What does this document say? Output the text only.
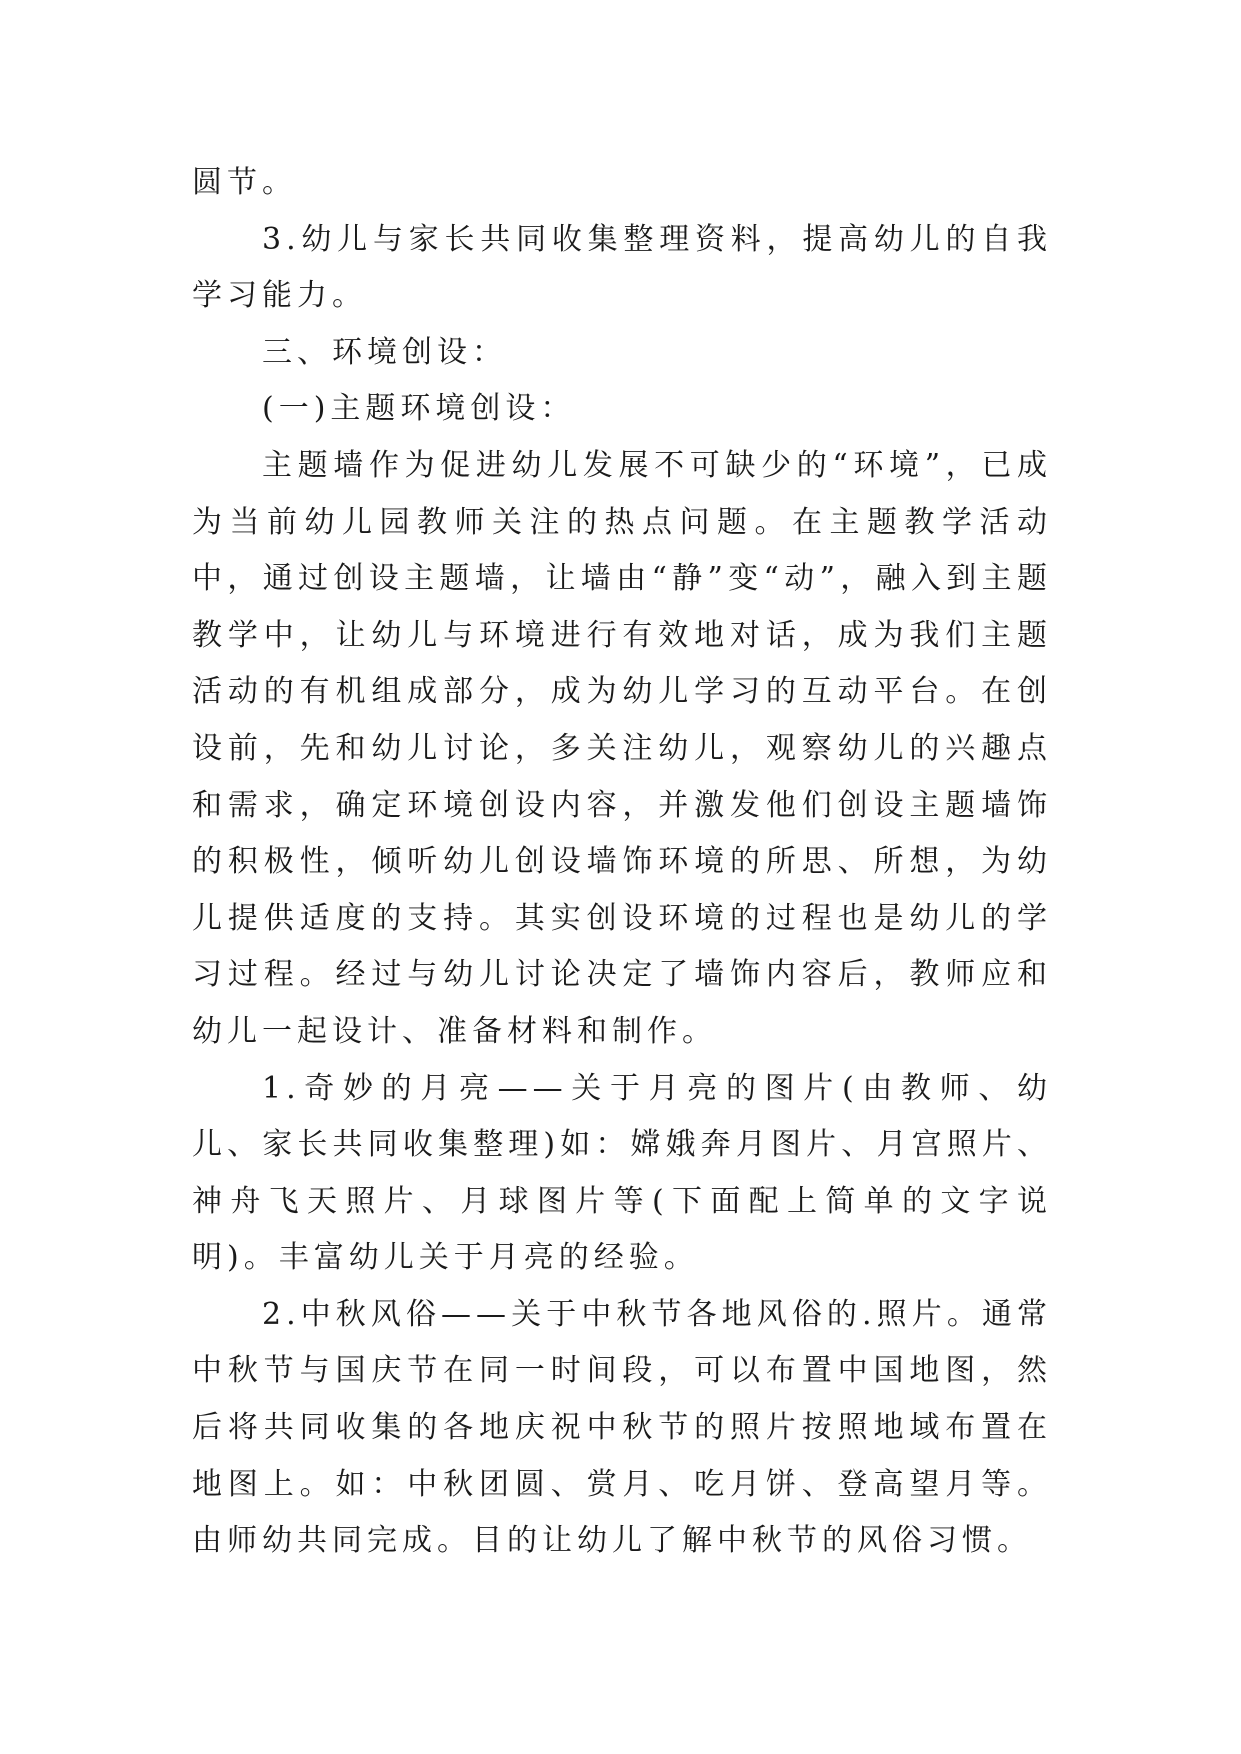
圆节。

3.幼儿与家长共同收集整理资料，提高幼儿的自我学习能力。

三、环境创设：

(一)主题环境创设：

主题墙作为促进幼儿发展不可缺少的“环境”，已成为当前幼儿园教师关注的热点问题。在主题教学活动中，通过创设主题墙，让墙由“静”变“动”，融入到主题教学中，让幼儿与环境进行有效地对话，成为我们主题活动的有机组成部分，成为幼儿学习的互动平台。在创设前，先和幼儿讨论，多关注幼儿，观察幼儿的兴趣点和需求，确定环境创设内容，并激发他们创设主题墙饰的积极性，倾听幼儿创设墙饰环境的所思、所想，为幼儿提供适度的支持。其实创设环境的过程也是幼儿的学习过程。经过与幼儿讨论决定了墙饰内容后，教师应和幼儿一起设计、准备材料和制作。

1.奇妙的月亮——关于月亮的图片(由教师、幼儿、家长共同收集整理)如：嫦娥奔月图片、月宫照片、神舟飞天照片、月球图片等(下面配上简单的文字说明)。丰富幼儿关于月亮的经验。

2.中秋风俗——关于中秋节各地风俗的.照片。通常中秋节与国庆节在同一时间段，可以布置中国地图，然后将共同收集的各地庆祝中秋节的照片按照地域布置在地图上。如：中秋团圆、赏月、吃月饼、登高望月等。由师幼共同完成。目的让幼儿了解中秋节的风俗习惯。
